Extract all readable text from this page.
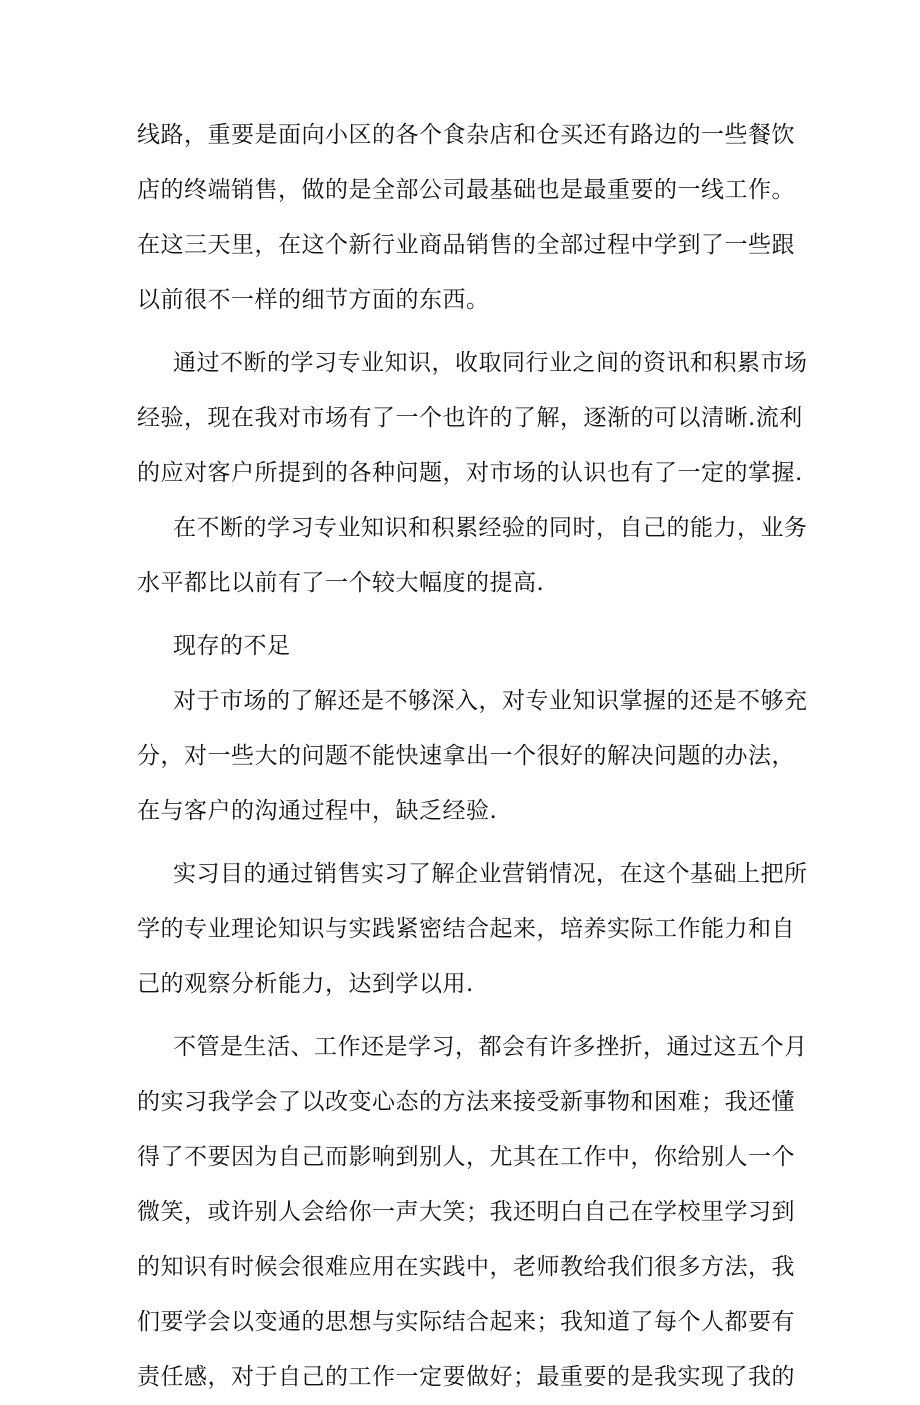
线路，重要是面向小区的各个食杂店和仓买还有路边的一些餐饮
店的终端销售，做的是全部公司最基础也是最重要的一线工作。
在这三天里，在这个新行业商品销售的全部过程中学到了一些跟
以前很不一样的细节方面的东西。
通过不断的学习专业知识，收取同行业之间的资讯和积累市场
经验，现在我对市场有了一个也许的了解，逐渐的可以清晰.流利
的应对客户所提到的各种问题，对市场的认识也有了一定的掌握.
在不断的学习专业知识和积累经验的同时，自己的能力，业务
水平都比以前有了一个较大幅度的提高.
现存的不足
对于市场的了解还是不够深入，对专业知识掌握的还是不够充
分，对一些大的问题不能快速拿出一个很好的解决问题的办法，
在与客户的沟通过程中，缺乏经验.
实习目的通过销售实习了解企业营销情况，在这个基础上把所
学的专业理论知识与实践紧密结合起来，培养实际工作能力和自
己的观察分析能力，达到学以用.
不管是生活、工作还是学习，都会有许多挫折，通过这五个月
的实习我学会了以改变心态的方法来接受新事物和困难；我还懂
得了不要因为自己而影响到别人，尤其在工作中，你给别人一个
微笑，或许别人会给你一声大笑；我还明白自己在学校里学习到
的知识有时候会很难应用在实践中，老师教给我们很多方法，我
们要学会以变通的思想与实际结合起来；我知道了每个人都要有
责任感，对于自己的工作一定要做好；最重要的是我实现了我的
